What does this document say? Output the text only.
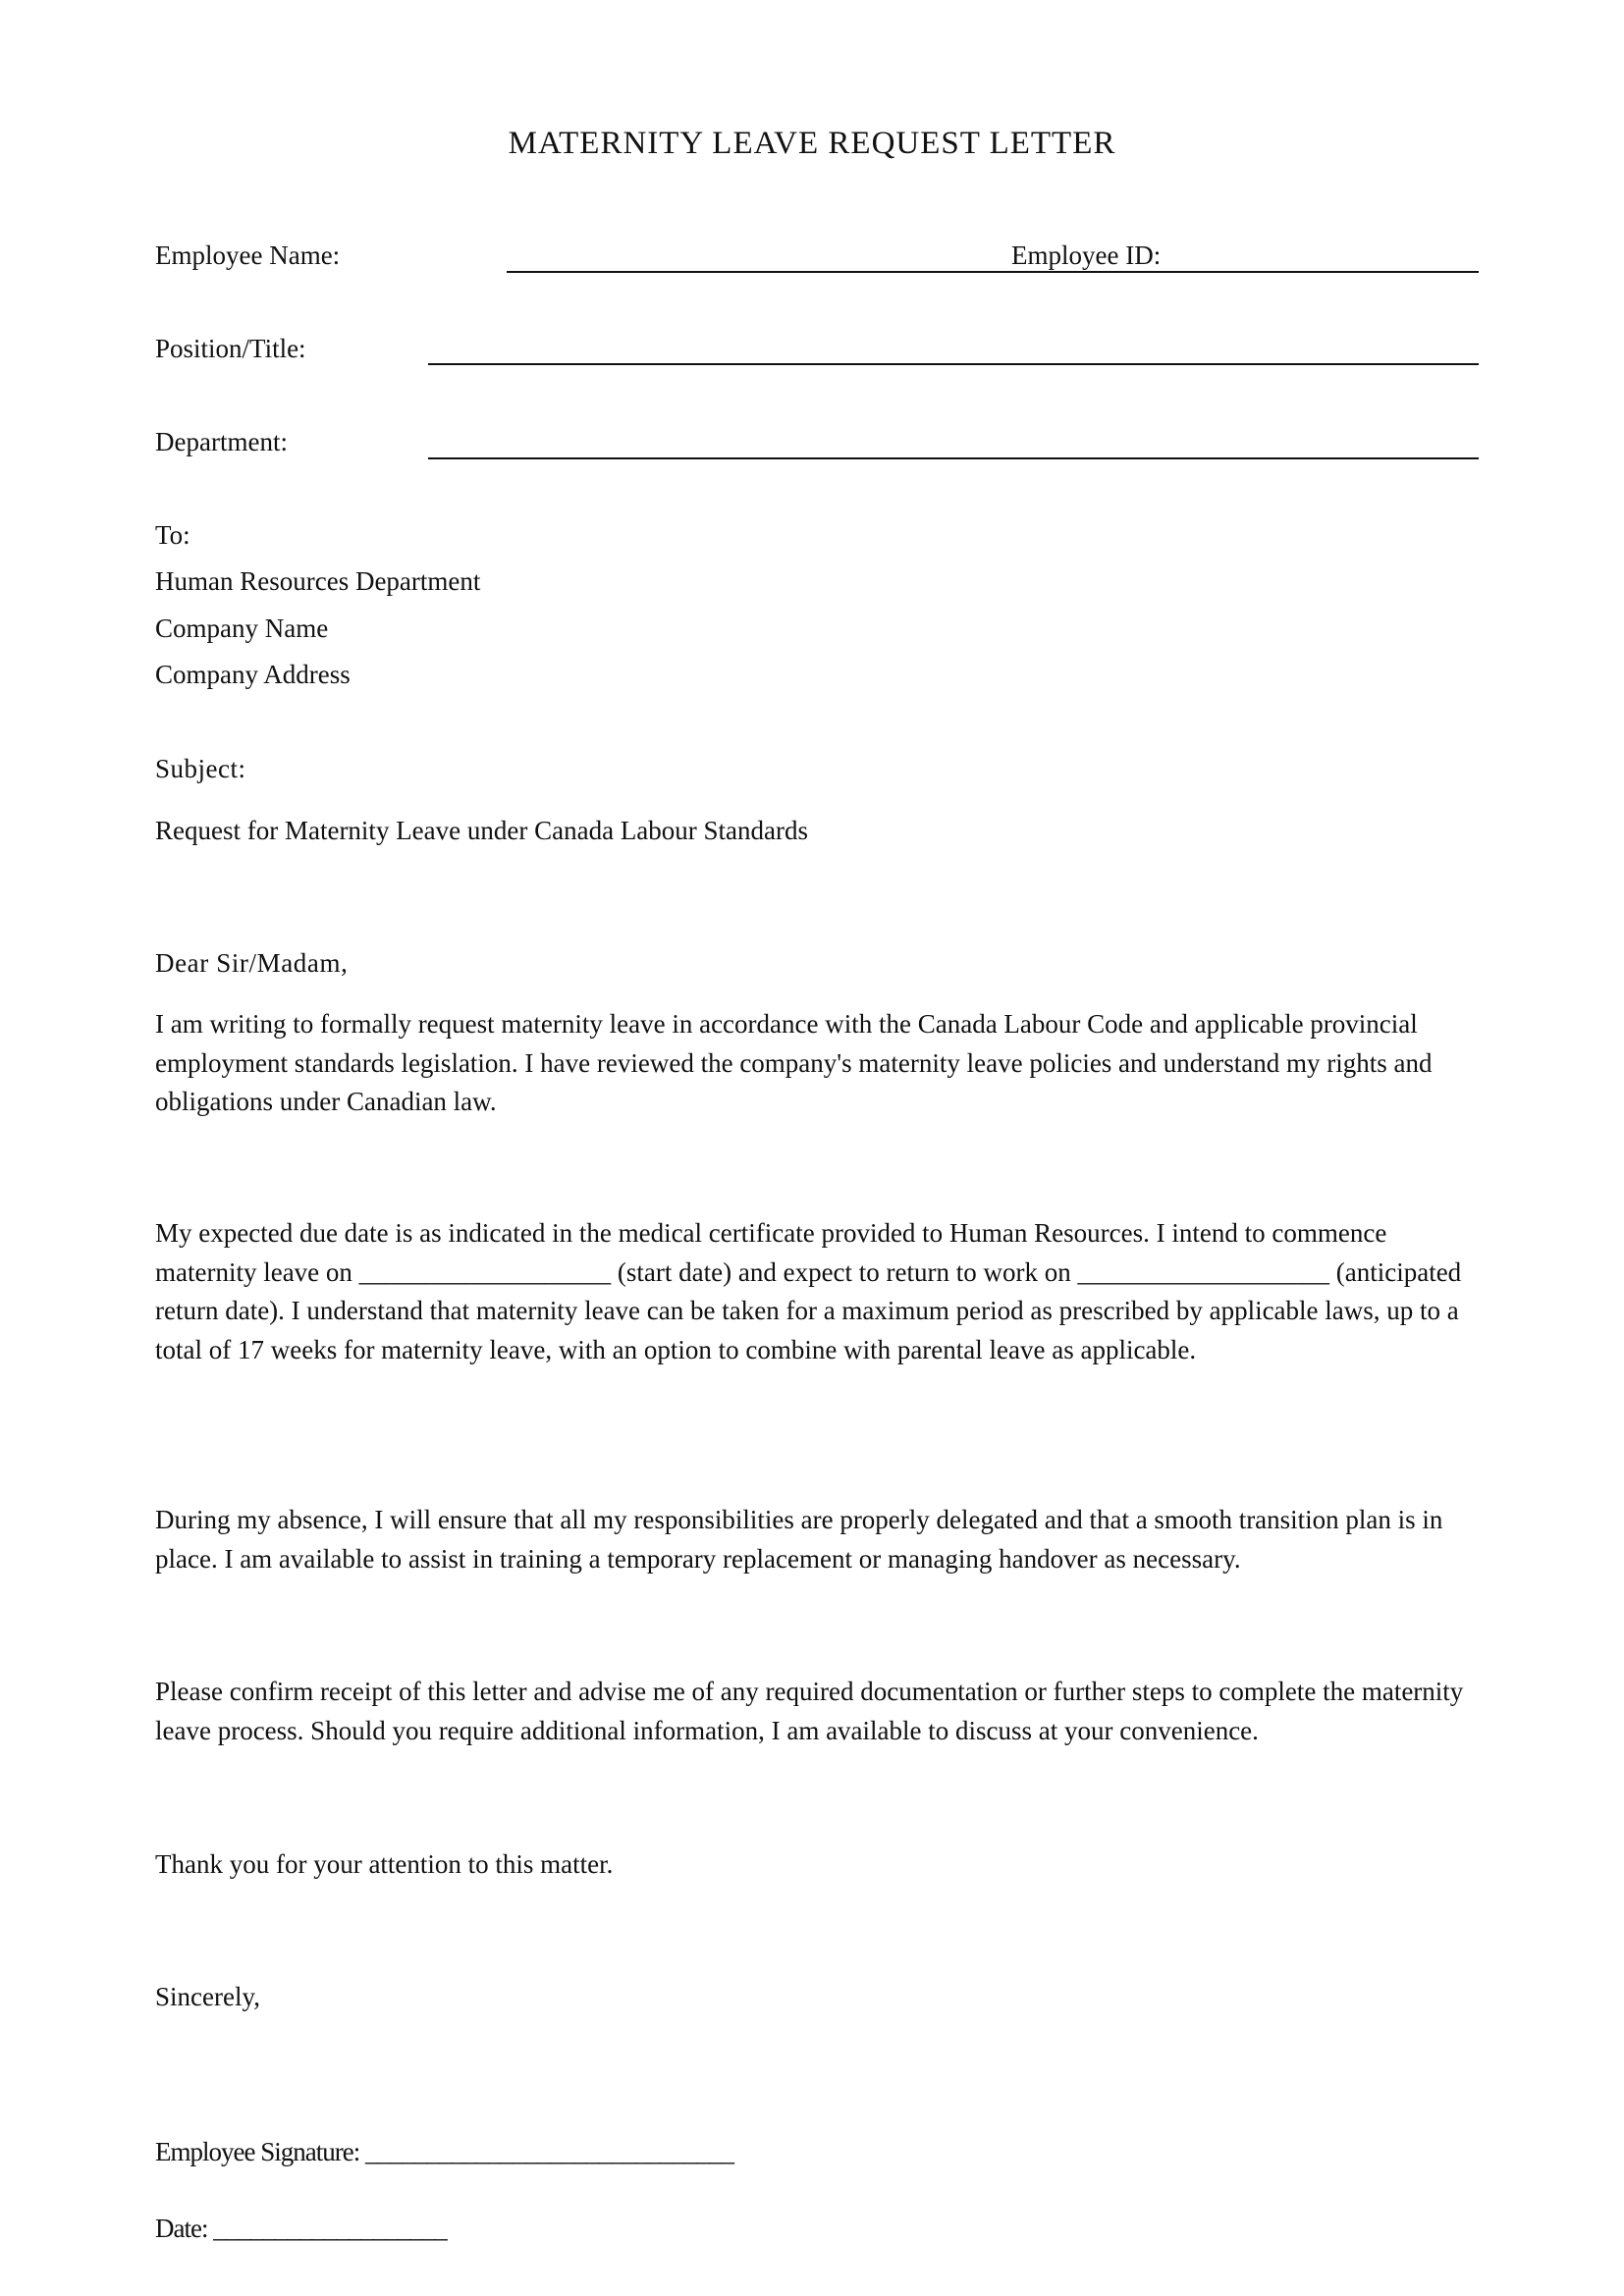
MATERNITY LEAVE REQUEST LETTER
Employee Name:	Employee ID:
Position/Title:
Department:
To:
Human Resources Department
Company Name
Company Address
Subject:
Request for Maternity Leave under Canada Labour Standards
Dear Sir/Madam,
I am writing to formally request maternity leave in accordance with the Canada Labour Code and applicable provincial employment standards legislation. I have reviewed the company's maternity leave policies and understand my rights and obligations under Canadian law.
My expected due date is as indicated in the medical certificate provided to Human Resources. I intend to commence maternity leave on ___________________ (start date) and expect to return to work on ___________________ (anticipated return date). I understand that maternity leave can be taken for a maximum period as prescribed by applicable laws, up to a total of 17 weeks for maternity leave, with an option to combine with parental leave as applicable.
During my absence, I will ensure that all my responsibilities are properly delegated and that a smooth transition plan is in place. I am available to assist in training a temporary replacement or managing handover as necessary.
Please confirm receipt of this letter and advise me of any required documentation or further steps to complete the maternity leave process. Should you require additional information, I am available to discuss at your convenience.
Thank you for your attention to this matter.
Sincerely,
Employee Signature: ______________________________
Date: ___________________
